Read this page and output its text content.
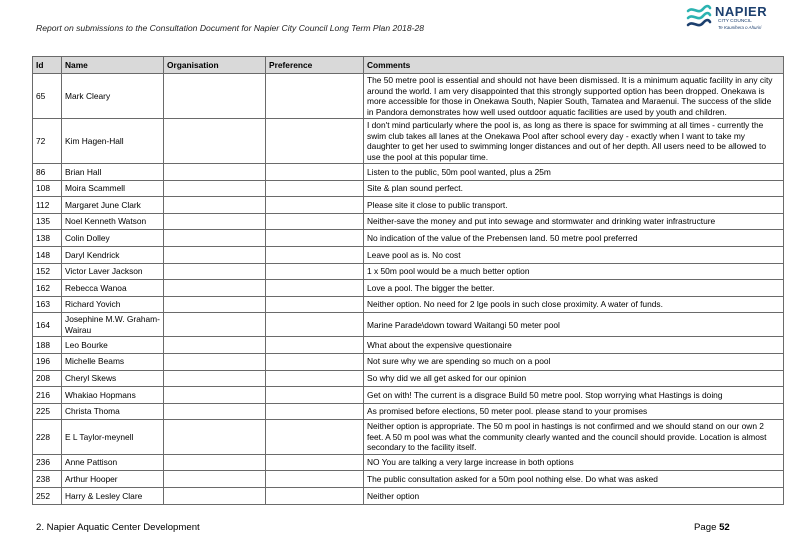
Report on submissions to the Consultation Document for Napier City Council Long Term Plan 2018-28
NAPIER
CITY COUNCIL
Te Kaunihera o Ahuriri
Id	Name	Organisation	Preference	Comments
65	Mark Cleary			The 50 metre pool is essential and should not have been dismissed. It is a minimum aquatic facility in any city around the world. I am very disappointed that this strongly supported option has been dropped. Onekawa is more accessible for those in Onekawa South, Napier South, Tamatea and Maraenui. The success of the slide in Pandora demonstrates how well used outdoor aquatic facilities are used by youth and children.
72	Kim Hagen-Hall			I don't mind particularly where the pool is, as long as there is space for swimming at all times - currently the swim club takes all lanes at the Onekawa Pool after school every day - exactly when I want to take my daughter to get her used to swimming longer distances and out of her depth. All users need to be allowed to use the pool at this popular time.
86	Brian Hall			Listen to the public, 50m pool wanted, plus a 25m
108	Moira Scammell			Site & plan sound perfect.
112	Margaret June Clark			Please site it close to public transport.
135	Noel Kenneth Watson			Neither-save the money and put into sewage and stormwater and drinking water infrastructure
138	Colin Dolley			No indication of the value of the Prebensen land. 50 metre pool preferred
148	Daryl Kendrick			Leave pool as is. No cost
152	Victor Laver Jackson			1 x 50m pool would be a much better option
162	Rebecca Wanoa			Love a pool. The bigger the better.
163	Richard Yovich			Neither option. No need for 2 lge pools in such close proximity. A water of funds.
164	Josephine M.W. Graham-Wairau			Marine Parade\down toward Waitangi 50 meter pool
188	Leo Bourke			What about the expensive questionaire
196	Michelle Beams			Not sure why we are spending so much on a pool
208	Cheryl Skews			So why did we all get asked for our opinion
216	Whakiao Hopmans			Get on with! The current is a disgrace Build 50 metre pool. Stop worrying what Hastings is doing
225	Christa Thoma			As promised before elections, 50 meter pool. please stand to your promises
228	E L Taylor-meynell			Neither option is appropriate. The 50 m pool in hastings is not confirmed and we should stand on our own 2 feet. A 50 m pool was what the community clearly wanted and the council should provide. Location is almost secondary to the facility itself.
236	Anne Pattison			NO You are talking a very large increase in both options
238	Arthur Hooper			The public consultation asked for a 50m pool nothing else. Do what was asked
252	Harry & Lesley Clare			Neither option
2. Napier Aquatic Center Development	Page 52
